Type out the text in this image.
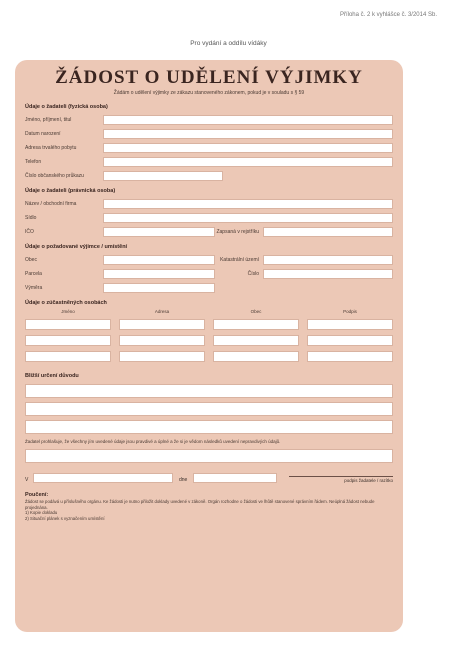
Příloha č. 2 k vyhlášce č. 3/2014 Sb.
Pro vydání a oddílu vídáky
ŽÁDOST O UDĚLENÍ VÝJIMKY
Žádám o udělení výjimky ze zákazu stanoveného zákonem, pokud je v souladu s § 59
Údaje o žadateli (fyzická osoba)
Jméno, příjmení, titul
Datum narození
Adresa trvalého pobytu
Telefon
Číslo občanského průkazu
Údaje o žadateli (právnická osoba)
Název / obchodní firma
Sídlo
IČO	Zapsaná v rejstříku
Údaje o požadované výjimce / umístění
Obec	Katastrální území
Parcela	Číslo
Výměra
Údaje o zúčastněných osobách
Jméno	Adresa	Obec	Podpis
Bližší určení důvodu
Žadatel prohlašuje, že všechny jím uvedené údaje jsou pravdivé a úplné a že si je vědom následků uvedení nepravdivých údajů.
V	dne	podpis žadatele / razítko
Poučení:
Žádost se podává u příslušného orgánu. Ke žádosti je nutno přiložit doklady uvedené v zákoně. Orgán rozhodne o žádosti ve lhůtě stanovené správním řádem. Neúplná žádost nebude projednána.
1) Kopie dokladu
2) Situační plánek s vyznačením umístění
